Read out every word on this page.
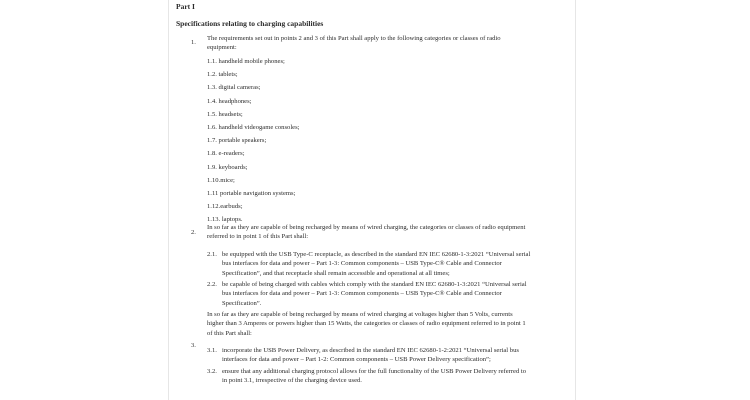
Part I
Specifications relating to charging capabilities
1.
The requirements set out in points 2 and 3 of this Part shall apply to the following categories or classes of radio
equipment:
1.1. handheld mobile phones;
1.2. tablets;
1.3. digital cameras;
1.4. headphones;
1.5. headsets;
1.6. handheld videogame consoles;
1.7. portable speakers;
1.8. e-readers;
1.9. keyboards;
1.10.mice;
1.11 portable navigation systems;
1.12.earbuds;
1.13. laptops.
2.
In so far as they are capable of being recharged by means of wired charging, the categories or classes of radio equipment
referred to in point 1 of this Part shall:
2.1. be equipped with the USB Type-C receptacle, as described in the standard EN IEC 62680-1-3:2021 “Universal serial
bus interfaces for data and power – Part 1-3: Common components – USB Type-C® Cable and Connector
Specification”, and that receptacle shall remain accessible and operational at all times;
2.2. be capable of being charged with cables which comply with the standard EN IEC 62680-1-3:2021 “Universal serial
bus interfaces for data and power – Part 1-3: Common components – USB Type-C® Cable and Connector
Specification”.
3.
In so far as they are capable of being recharged by means of wired charging at voltages higher than 5 Volts, currents
higher than 3 Amperes or powers higher than 15 Watts, the categories or classes of radio equipment referred to in point 1
of this Part shall:
3.1. incorporate the USB Power Delivery, as described in the standard EN IEC 62680-1-2:2021 “Universal serial bus
interfaces for data and power – Part 1-2: Common components – USB Power Delivery specification”;
3.2. ensure that any additional charging protocol allows for the full functionality of the USB Power Delivery referred to
in point 3.1, irrespective of the charging device used.
